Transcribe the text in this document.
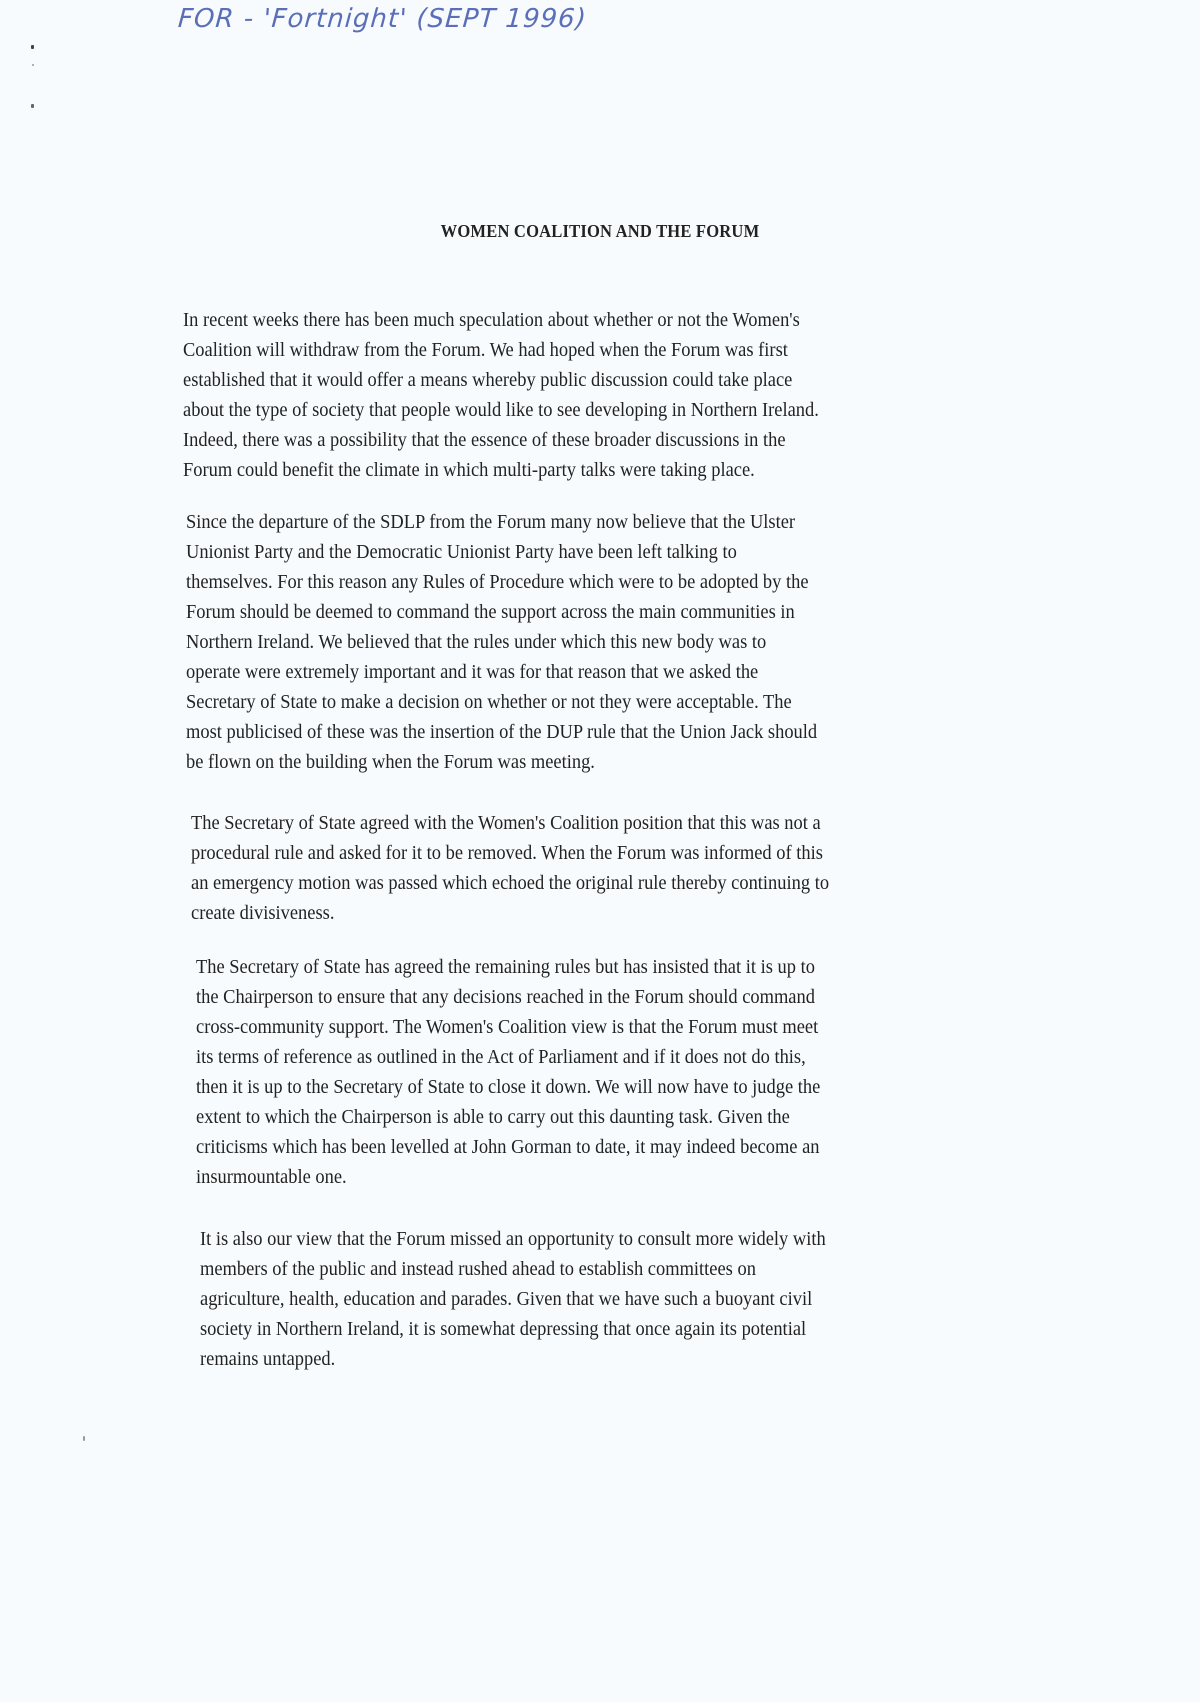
FOR - 'Fortnight' (SEPT 1996)
WOMEN COALITION AND THE FORUM
In recent weeks there has been much speculation about whether or not the Women's
Coalition will withdraw from the Forum. We had hoped when the Forum was first
established that it would offer a means whereby public discussion could take place
about the type of society that people would like to see developing in Northern Ireland.
Indeed, there was a possibility that the essence of these broader discussions in the
Forum could benefit the climate in which multi-party talks were taking place.
Since the departure of the SDLP from the Forum many now believe that the Ulster
Unionist Party and the Democratic Unionist Party have been left talking to
themselves. For this reason any Rules of Procedure which were to be adopted by the
Forum should be deemed to command the support across the main communities in
Northern Ireland. We believed that the rules under which this new body was to
operate were extremely important and it was for that reason that we asked the
Secretary of State to make a decision on whether or not they were acceptable. The
most publicised of these was the insertion of the DUP rule that the Union Jack should
be flown on the building when the Forum was meeting.
The Secretary of State agreed with the Women's Coalition position that this was not a
procedural rule and asked for it to be removed. When the Forum was informed of this
an emergency motion was passed which echoed the original rule thereby continuing to
create divisiveness.
The Secretary of State has agreed the remaining rules but has insisted that it is up to
the Chairperson to ensure that any decisions reached in the Forum should command
cross-community support. The Women's Coalition view is that the Forum must meet
its terms of reference as outlined in the Act of Parliament and if it does not do this,
then it is up to the Secretary of State to close it down. We will now have to judge the
extent to which the Chairperson is able to carry out this daunting task. Given the
criticisms which has been levelled at John Gorman to date, it may indeed become an
insurmountable one.
It is also our view that the Forum missed an opportunity to consult more widely with
members of the public and instead rushed ahead to establish committees on
agriculture, health, education and parades. Given that we have such a buoyant civil
society in Northern Ireland, it is somewhat depressing that once again its potential
remains untapped.
